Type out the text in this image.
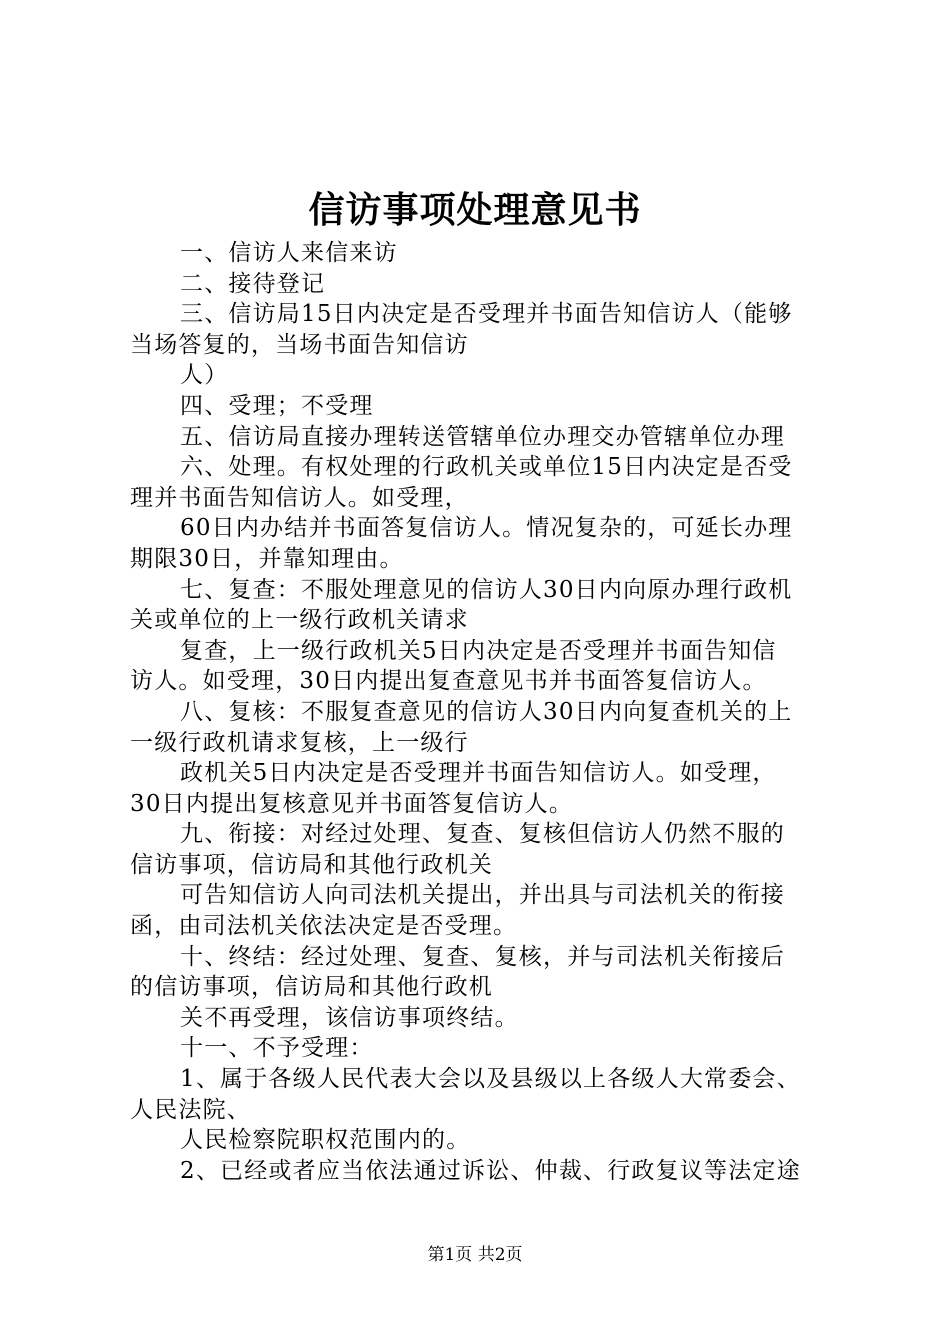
信访事项处理意见书
一、信访人来信来访
二、接待登记
三、信访局15日内决定是否受理并书面告知信访人（能够
当场答复的，当场书面告知信访
人）
四、受理；不受理
五、信访局直接办理转送管辖单位办理交办管辖单位办理
六、处理。有权处理的行政机关或单位15日内决定是否受
理并书面告知信访人。如受理，
60日内办结并书面答复信访人。情况复杂的，可延长办理
期限30日，并靠知理由。
七、复查：不服处理意见的信访人30日内向原办理行政机
关或单位的上一级行政机关请求
复查，上一级行政机关5日内决定是否受理并书面告知信
访人。如受理，30日内提出复查意见书并书面答复信访人。
八、复核：不服复查意见的信访人30日内向复查机关的上
一级行政机请求复核，上一级行
政机关5日内决定是否受理并书面告知信访人。如受理，
30日内提出复核意见并书面答复信访人。
九、衔接：对经过处理、复查、复核但信访人仍然不服的
信访事项，信访局和其他行政机关
可告知信访人向司法机关提出，并出具与司法机关的衔接
函，由司法机关依法决定是否受理。
十、终结：经过处理、复查、复核，并与司法机关衔接后
的信访事项，信访局和其他行政机
关不再受理，该信访事项终结。
十一、不予受理：
1、属于各级人民代表大会以及县级以上各级人大常委会、
人民法院、
人民检察院职权范围内的。
2、已经或者应当依法通过诉讼、仲裁、行政复议等法定途
第1页 共2页
